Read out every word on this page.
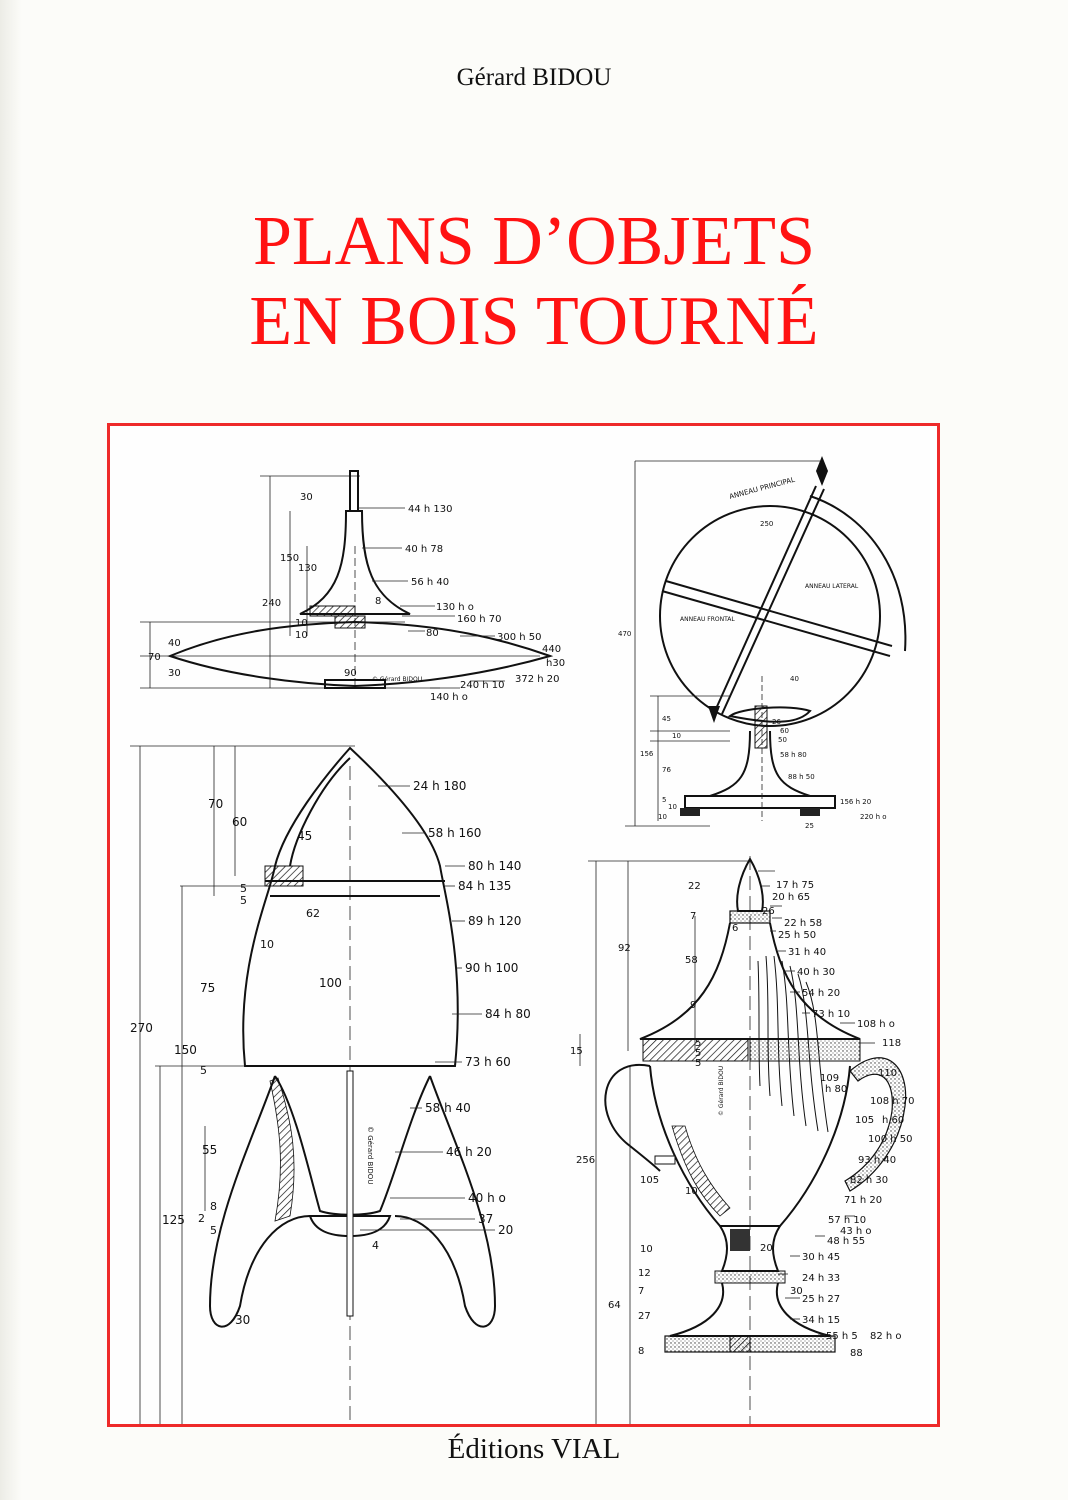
Gérard BIDOU
PLANS D’OBJETS
EN BOIS TOURNÉ
44 h 130
40 h 78
56 h 40
130 h o
160 h 70
80	300 h 50
440
h30
372 h 20
240 h 10
140 h o
90
30
150
130
240	8
10
10
40
70
30
© Gérard BIDOU
ANNEAU PRINCIPAL
ANNEAU LATERAL
ANNEAU FRONTAL
250
470
40
26
60
50
58 h 80
88 h 50
156 h 20
220 h o
25
45
10
156
76
5
10
10
24 h 180
58 h 160
80 h 140
84 h 135
89 h 120
90 h 100
84 h 80
73 h 60
58 h 40
46 h 20
40 h o
37
20
70
60
45
5
5
62
10
100
75
270
150
5
55
8
2
5
125
4
30
© Gérard BIDOU
17 h 75
20 h 65
26
22 h 58
25 h 50
31 h 40
40 h 30
54 h 20
73 h 10
108 h o
110
108 h 70
105 h 60
100 h 50
93 h 40
82 h 30
71 h 20
57 h 10
43 h o
48 h 55
30 h 45
24 h 33
30
25 h 27
34 h 15
55 h 5 82 h o
88
118
109
h 80
22
7
6
92
58
9
15
5
5
5
256
105
10
20
10
12
7
27
64
8
© Gérard BIDOU
Éditions VIAL
